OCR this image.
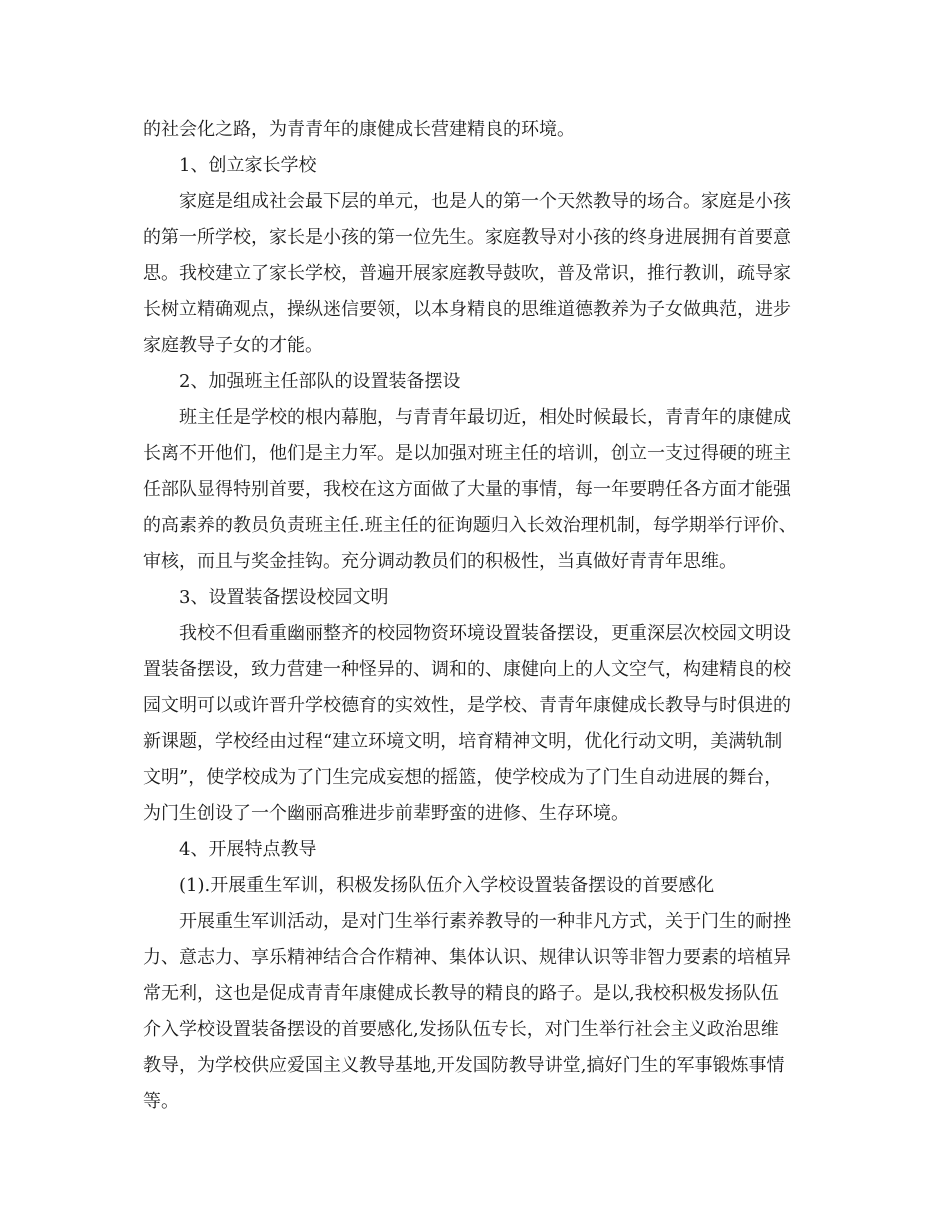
的社会化之路，为青青年的康健成长营建精良的环境。
1、创立家长学校
家庭是组成社会最下层的单元，也是人的第一个天然教导的场合。家庭是小孩
的第一所学校，家长是小孩的第一位先生。家庭教导对小孩的终身进展拥有首要意
思。我校建立了家长学校，普遍开展家庭教导鼓吹，普及常识，推行教训，疏导家
长树立精确观点，操纵迷信要领，以本身精良的思维道德教养为子女做典范，进步
家庭教导子女的才能。
2、加强班主任部队的设置装备摆设
班主任是学校的根内幕胞，与青青年最切近，相处时候最长，青青年的康健成
长离不开他们，他们是主力军。是以加强对班主任的培训，创立一支过得硬的班主
任部队显得特别首要，我校在这方面做了大量的事情，每一年要聘任各方面才能强
的高素养的教员负责班主任.班主任的征询题归入长效治理机制，每学期举行评价、
审核，而且与奖金挂钩。充分调动教员们的积极性，当真做好青青年思维。
3、设置装备摆设校园文明
我校不但看重幽丽整齐的校园物资环境设置装备摆设，更重深层次校园文明设
置装备摆设，致力营建一种怪异的、调和的、康健向上的人文空气，构建精良的校
园文明可以或许晋升学校德育的实效性，是学校、青青年康健成长教导与时俱进的
新课题，学校经由过程“建立环境文明，培育精神文明，优化行动文明，美满轨制
文明”，使学校成为了门生完成妄想的摇篮，使学校成为了门生自动进展的舞台，
为门生创设了一个幽丽高雅进步前辈野蛮的进修、生存环境。
4、开展特点教导
(1).开展重生军训，积极发扬队伍介入学校设置装备摆设的首要感化
开展重生军训活动，是对门生举行素养教导的一种非凡方式，关于门生的耐挫
力、意志力、享乐精神结合合作精神、集体认识、规律认识等非智力要素的培植异
常无利，这也是促成青青年康健成长教导的精良的路子。是以,我校积极发扬队伍
介入学校设置装备摆设的首要感化,发扬队伍专长，对门生举行社会主义政治思维
教导，为学校供应爱国主义教导基地,开发国防教导讲堂,搞好门生的军事锻炼事情
等。
